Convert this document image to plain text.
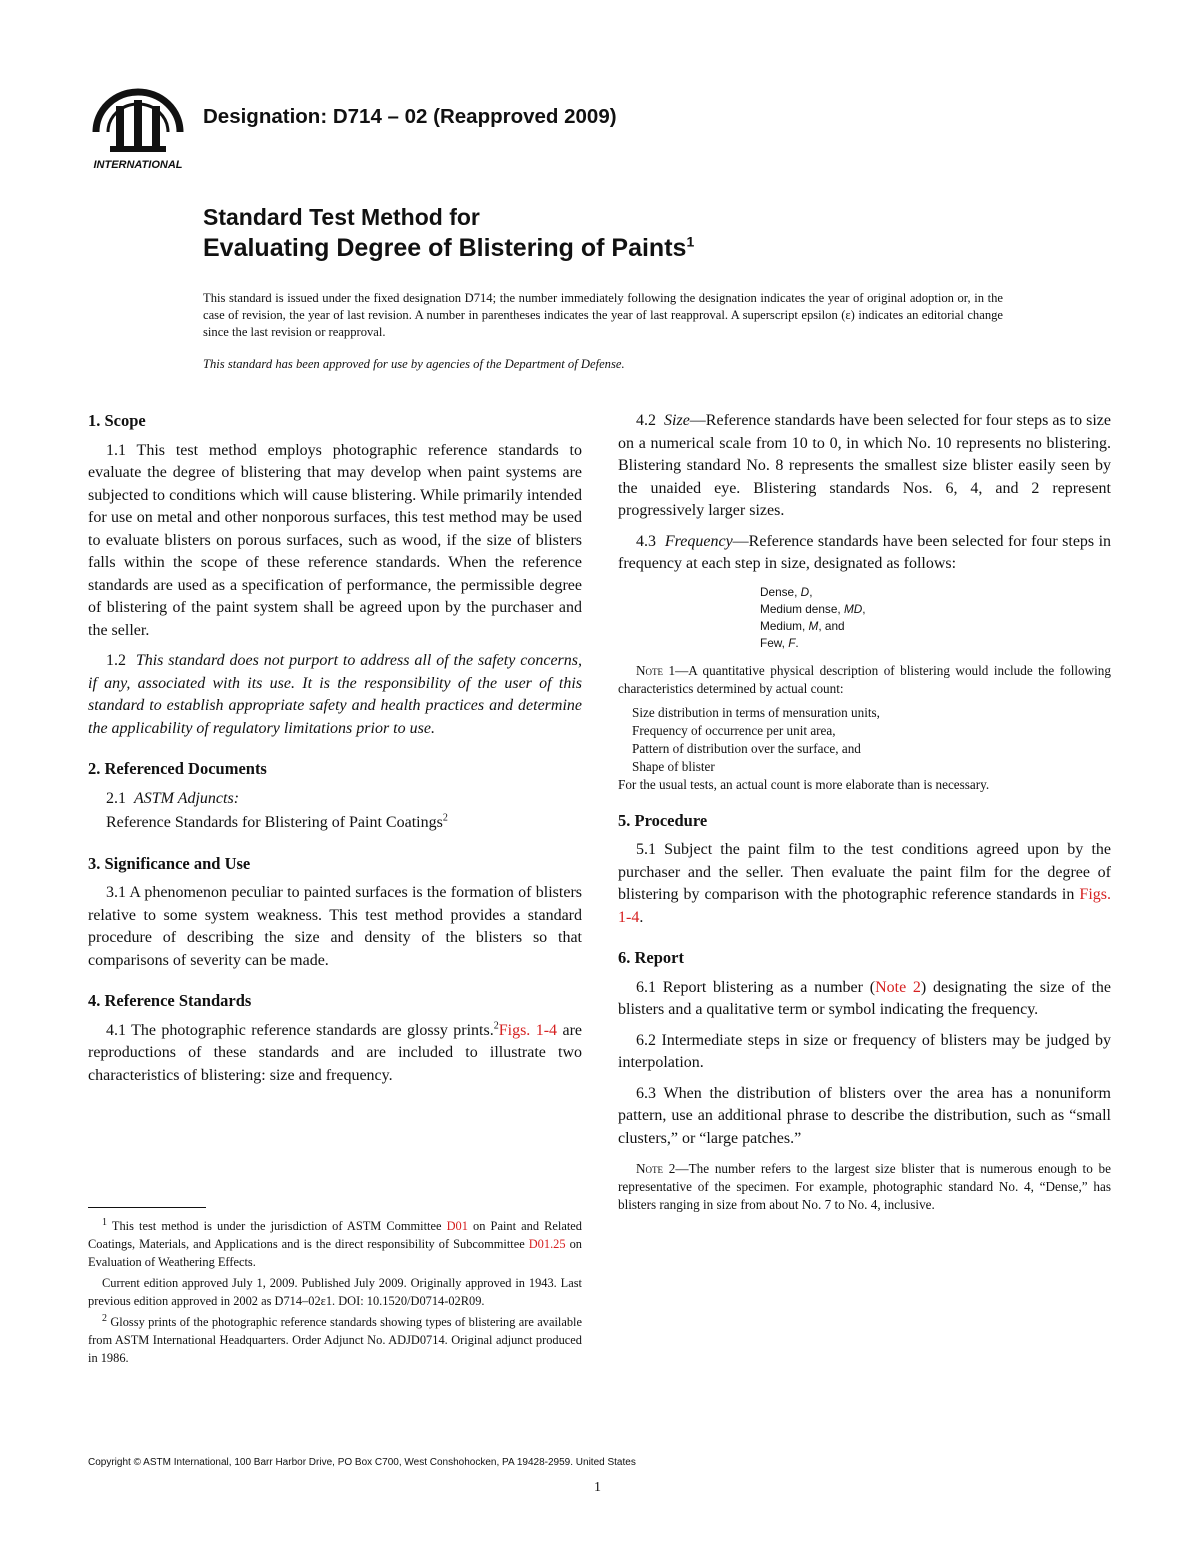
INTERNATIONAL
Designation: D714 – 02 (Reapproved 2009)
Standard Test Method for
Evaluating Degree of Blistering of Paints$^1$

This standard is issued under the fixed designation D714; the number immediately following the designation indicates the year of original adoption or, in the case of revision, the year of last revision. A number in parentheses indicates the year of last reapproval. A superscript epsilon (ε) indicates an editorial change since the last revision or reapproval.

This standard has been approved for use by agencies of the Department of Defense.
1. Scope

1.1 This test method employs photographic reference standards to evaluate the degree of blistering that may develop when paint systems are subjected to conditions which will cause blistering. While primarily intended for use on metal and other nonporous surfaces, this test method may be used to evaluate blisters on porous surfaces, such as wood, if the size of blisters falls within the scope of these reference standards. When the reference standards are used as a specification of performance, the permissible degree of blistering of the paint system shall be agreed upon by the purchaser and the seller.

1.2 This standard does not purport to address all of the safety concerns, if any, associated with its use. It is the responsibility of the user of this standard to establish appropriate safety and health practices and determine the applicability of regulatory limitations prior to use.

2. Referenced Documents

2.1 ASTM Adjuncts:

Reference Standards for Blistering of Paint Coatings$^2$

3. Significance and Use

3.1 A phenomenon peculiar to painted surfaces is the formation of blisters relative to some system weakness. This test method provides a standard procedure of describing the size and density of the blisters so that comparisons of severity can be made.

4. Reference Standards

4.1 The photographic reference standards are glossy prints.$^2$Figs. 1-4 are reproductions of these standards and are included to illustrate two characteristics of blistering: size and frequency.

4.2 Size—Reference standards have been selected for four steps as to size on a numerical scale from 10 to 0, in which No. 10 represents no blistering. Blistering standard No. 8 represents the smallest size blister easily seen by the unaided eye. Blistering standards Nos. 6, 4, and 2 represent progressively larger sizes.

4.3 Frequency—Reference standards have been selected for four steps in frequency at each step in size, designated as follows:

Dense, D,
Medium dense, MD,
Medium, M, and
Few, F.
Note 1—A quantitative physical description of blistering would include the following characteristics determined by actual count:
Size distribution in terms of mensuration units,
Frequency of occurrence per unit area,
Pattern of distribution over the surface, and
Shape of blister
For the usual tests, an actual count is more elaborate than is necessary.
5. Procedure

5.1 Subject the paint film to the test conditions agreed upon by the purchaser and the seller. Then evaluate the paint film for the degree of blistering by comparison with the photographic reference standards in Figs. 1-4.

6. Report

6.1 Report blistering as a number (Note 2) designating the size of the blisters and a qualitative term or symbol indicating the frequency.

6.2 Intermediate steps in size or frequency of blisters may be judged by interpolation.

6.3 When the distribution of blisters over the area has a nonuniform pattern, use an additional phrase to describe the distribution, such as “small clusters,” or “large patches.”

Note 2—The number refers to the largest size blister that is numerous enough to be representative of the specimen. For example, photographic standard No. 4, “Dense,” has blisters ranging in size from about No. 7 to No. 4, inclusive.

$^1$ This test method is under the jurisdiction of ASTM Committee D01 on Paint and Related Coatings, Materials, and Applications and is the direct responsibility of Subcommittee D01.25 on Evaluation of Weathering Effects.

Current edition approved July 1, 2009. Published July 2009. Originally approved in 1943. Last previous edition approved in 2002 as D714–02ε1. DOI: 10.1520/D0714-02R09.

$^2$ Glossy prints of the photographic reference standards showing types of blistering are available from ASTM International Headquarters. Order Adjunct No. ADJD0714. Original adjunct produced in 1986.

Copyright © ASTM International, 100 Barr Harbor Drive, PO Box C700, West Conshohocken, PA 19428-2959. United States
1
